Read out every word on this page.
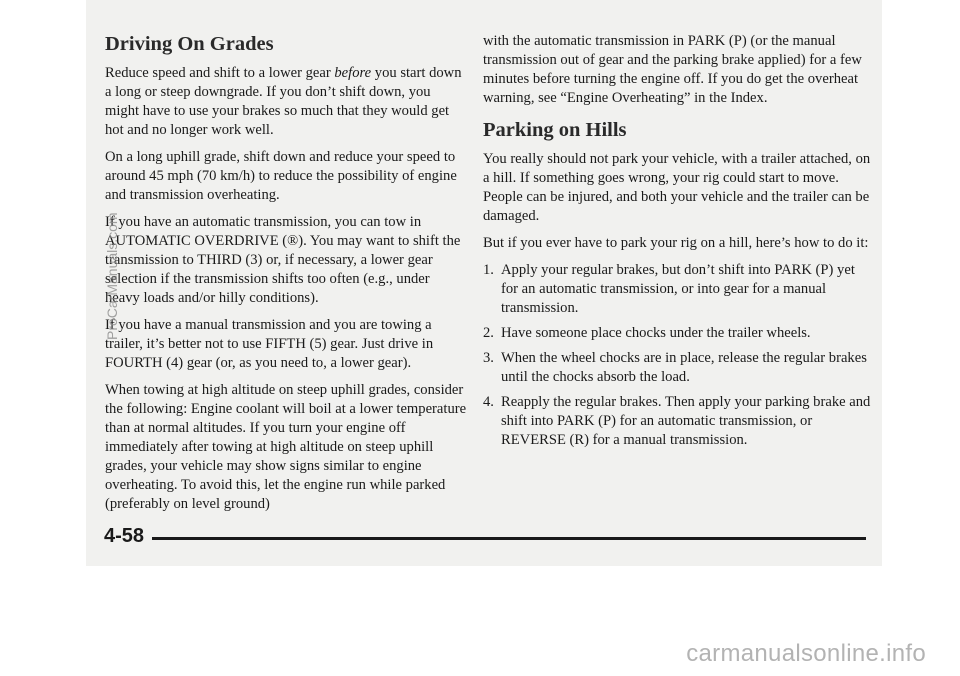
Driving On Grades

Reduce speed and shift to a lower gear before you start down a long or steep downgrade. If you don’t shift down, you might have to use your brakes so much that they would get hot and no longer work well.

On a long uphill grade, shift down and reduce your speed to around 45 mph (70 km/h) to reduce the possibility of engine and transmission overheating.

If you have an automatic transmission, you can tow in AUTOMATIC OVERDRIVE (®). You may want to shift the transmission to THIRD (3) or, if necessary, a lower gear selection if the transmission shifts too often (e.g., under heavy loads and/or hilly conditions).

If you have a manual transmission and you are towing a trailer, it’s better not to use FIFTH (5) gear. Just drive in FOURTH (4) gear (or, as you need to, a lower gear).

When towing at high altitude on steep uphill grades, consider the following: Engine coolant will boil at a lower temperature than at normal altitudes. If you turn your engine off immediately after towing at high altitude on steep uphill grades, your vehicle may show signs similar to engine overheating. To avoid this, let the engine run while parked (preferably on level ground)

with the automatic transmission in PARK (P) (or the manual transmission out of gear and the parking brake applied) for a few minutes before turning the engine off. If you do get the overheat warning, see “Engine Overheating” in the Index.

Parking on Hills

You really should not park your vehicle, with a trailer attached, on a hill. If something goes wrong, your rig could start to move. People can be injured, and both your vehicle and the trailer can be damaged.

But if you ever have to park your rig on a hill, here’s how to do it:

1. Apply your regular brakes, but don’t shift into PARK (P) yet for an automatic transmission, or into gear for a manual transmission.
2. Have someone place chocks under the trailer wheels.
3. When the wheel chocks are in place, release the regular brakes until the chocks absorb the load.
4. Reapply the regular brakes. Then apply your parking brake and shift into PARK (P) for an automatic transmission, or REVERSE (R) for a manual transmission.
4-58
ProCarManuals.com
carmanualsonline.info
